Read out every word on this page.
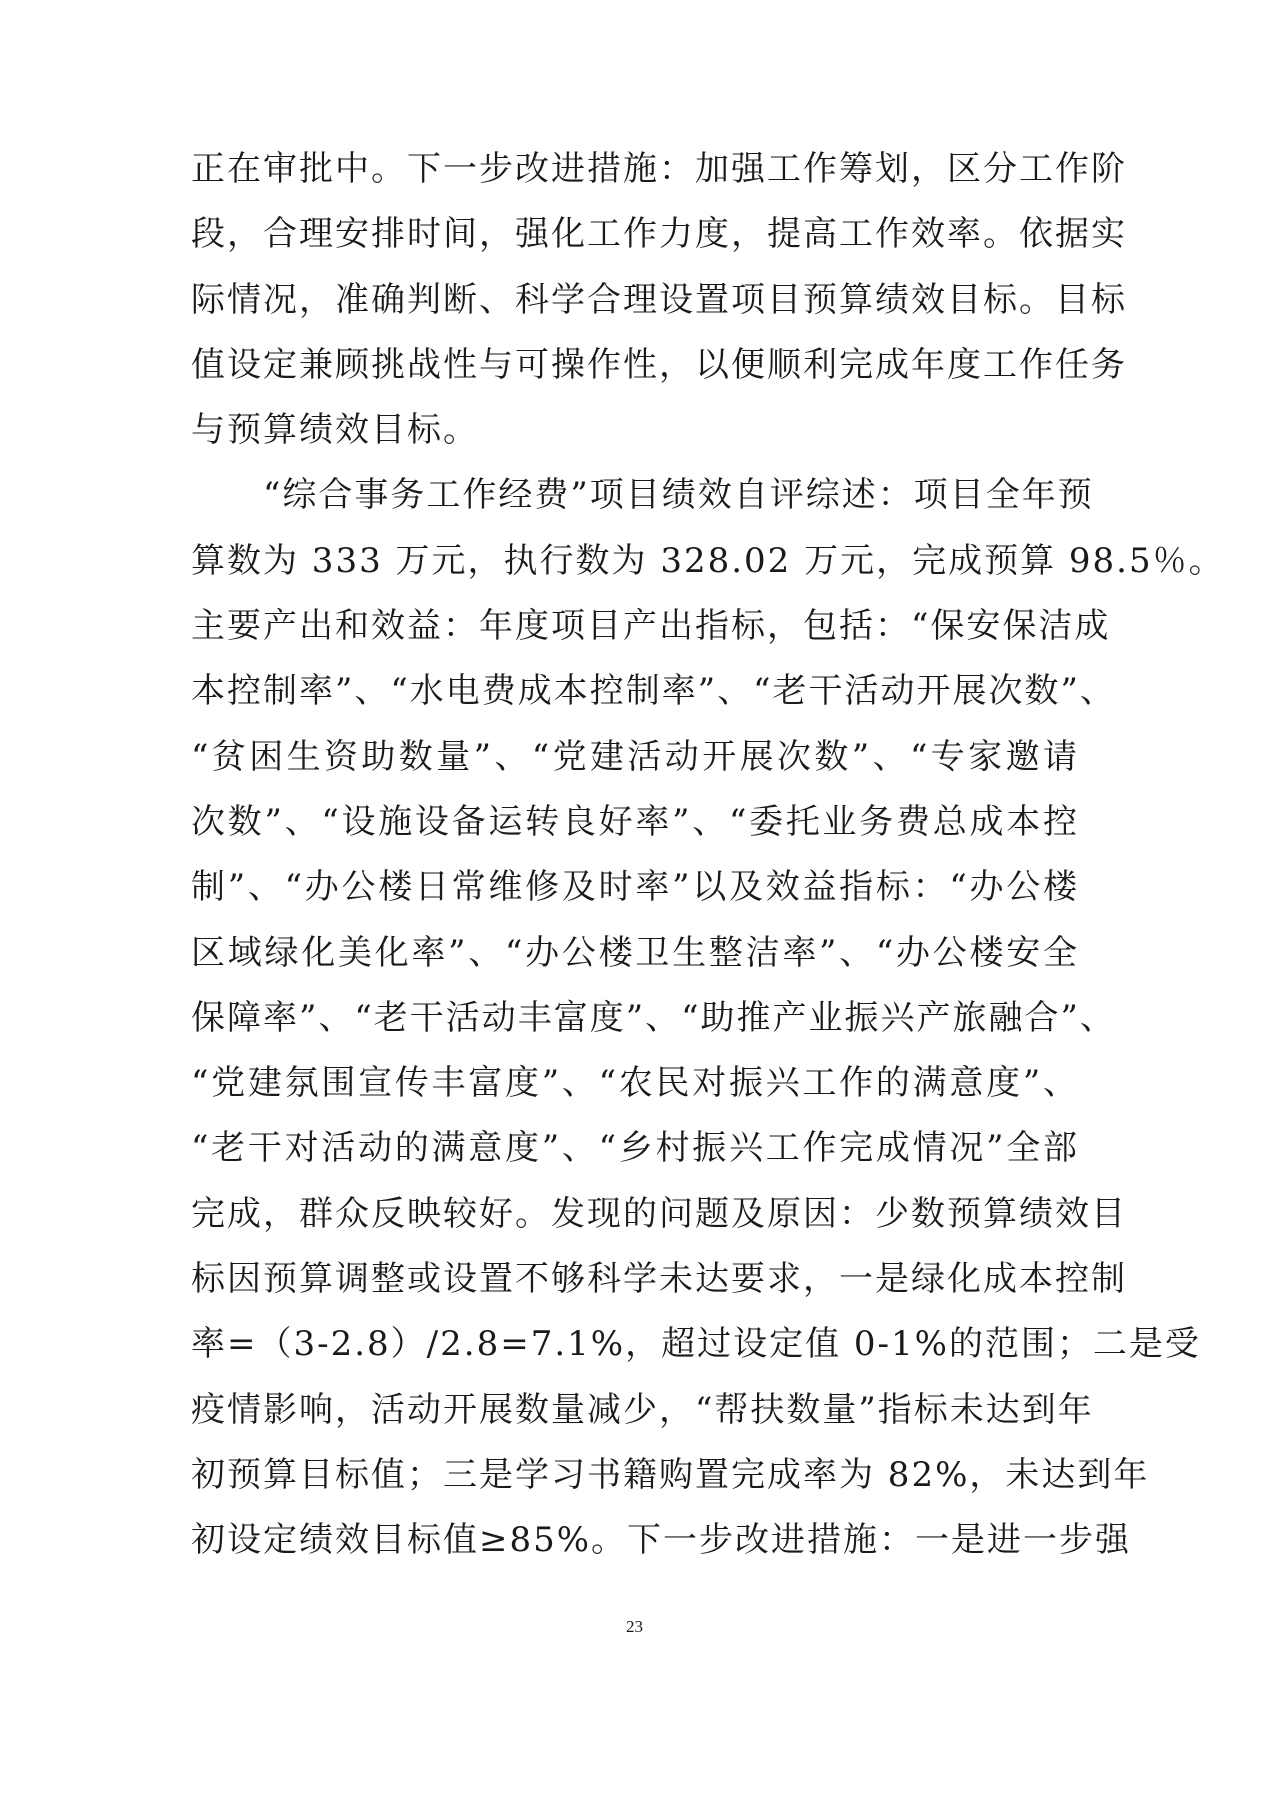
正在审批中。下一步改进措施：加强工作筹划，区分工作阶
段，合理安排时间，强化工作力度，提高工作效率。依据实
际情况，准确判断、科学合理设置项目预算绩效目标。目标
值设定兼顾挑战性与可操作性，以便顺利完成年度工作任务
与预算绩效目标。
　　“综合事务工作经费”项目绩效自评综述：项目全年预
算数为 333 万元，执行数为 328.02 万元，完成预算 98.5％。
主要产出和效益：年度项目产出指标，包括：“保安保洁成
本控制率”、“水电费成本控制率”、“老干活动开展次数”、
“贫困生资助数量”、“党建活动开展次数”、“专家邀请
次数”、“设施设备运转良好率”、“委托业务费总成本控
制”、“办公楼日常维修及时率”以及效益指标：“办公楼
区域绿化美化率”、“办公楼卫生整洁率”、“办公楼安全
保障率”、“老干活动丰富度”、“助推产业振兴产旅融合”、
“党建氛围宣传丰富度”、“农民对振兴工作的满意度”、
“老干对活动的满意度”、“乡村振兴工作完成情况”全部
完成，群众反映较好。发现的问题及原因：少数预算绩效目
标因预算调整或设置不够科学未达要求，一是绿化成本控制
率=（3-2.8）/2.8=7.1%，超过设定值 0-1%的范围；二是受
疫情影响，活动开展数量减少，“帮扶数量”指标未达到年
初预算目标值；三是学习书籍购置完成率为 82%，未达到年
初设定绩效目标值≥85%。下一步改进措施：一是进一步强
23
